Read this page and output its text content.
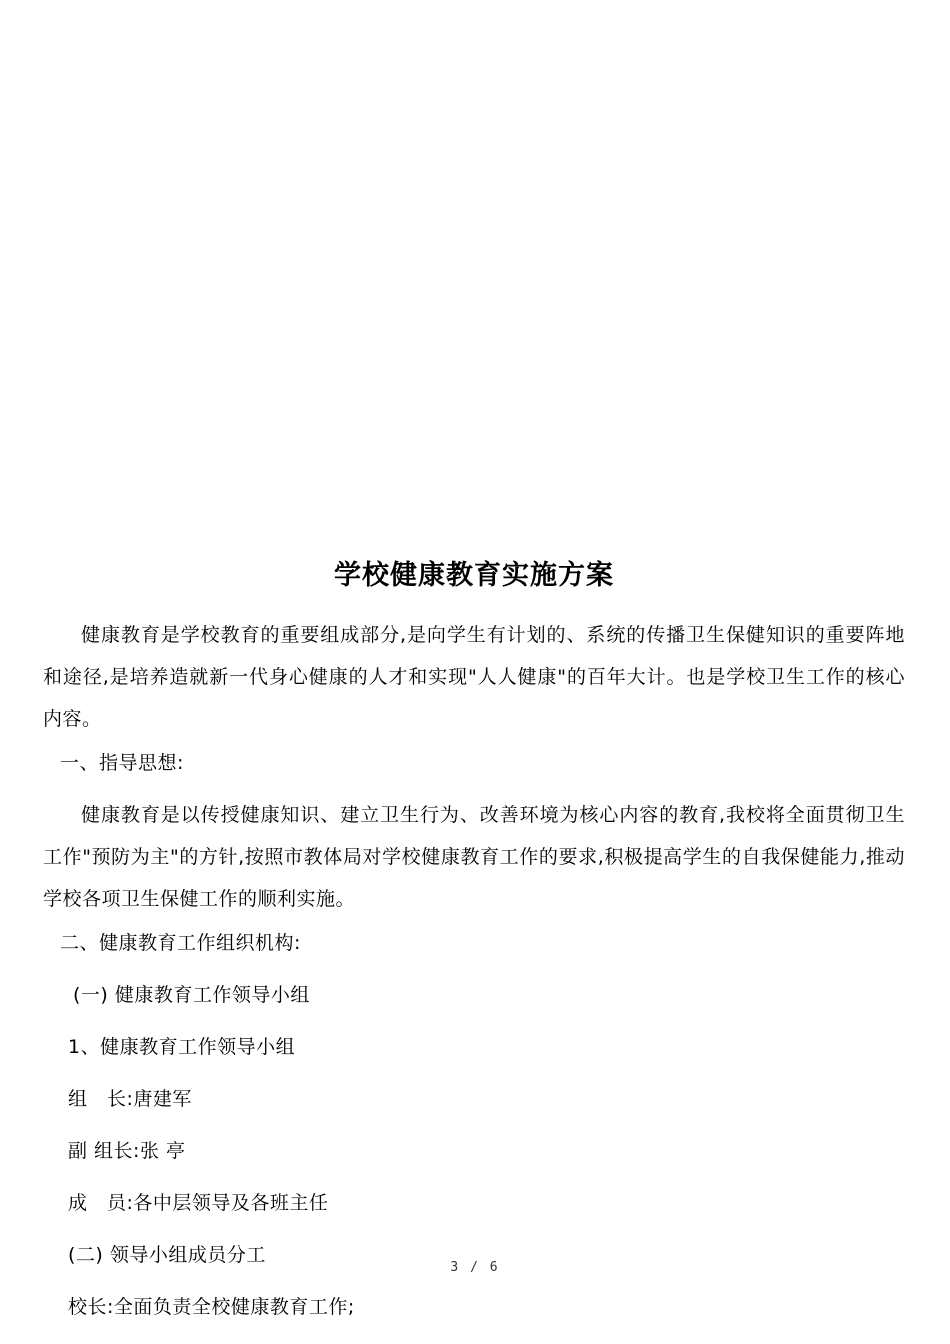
学校健康教育实施方案

健康教育是学校教育的重要组成部分,是向学生有计划的、系统的传播卫生保健知识的重要阵地和途径,是培养造就新一代身心健康的人才和实现"人人健康"的百年大计。也是学校卫生工作的核心内容。

一、指导思想:

健康教育是以传授健康知识、建立卫生行为、改善环境为核心内容的教育,我校将全面贯彻卫生工作"预防为主"的方针,按照市教体局对学校健康教育工作的要求,积极提高学生的自我保健能力,推动学校各项卫生保健工作的顺利实施。

二、健康教育工作组织机构:
(一) 健康教育工作领导小组
1、健康教育工作领导小组
组　长:唐建军
副 组长:张 亭
成　员:各中层领导及各班主任
(二) 领导小组成员分工
校长:全面负责全校健康教育工作;
3 / 6
